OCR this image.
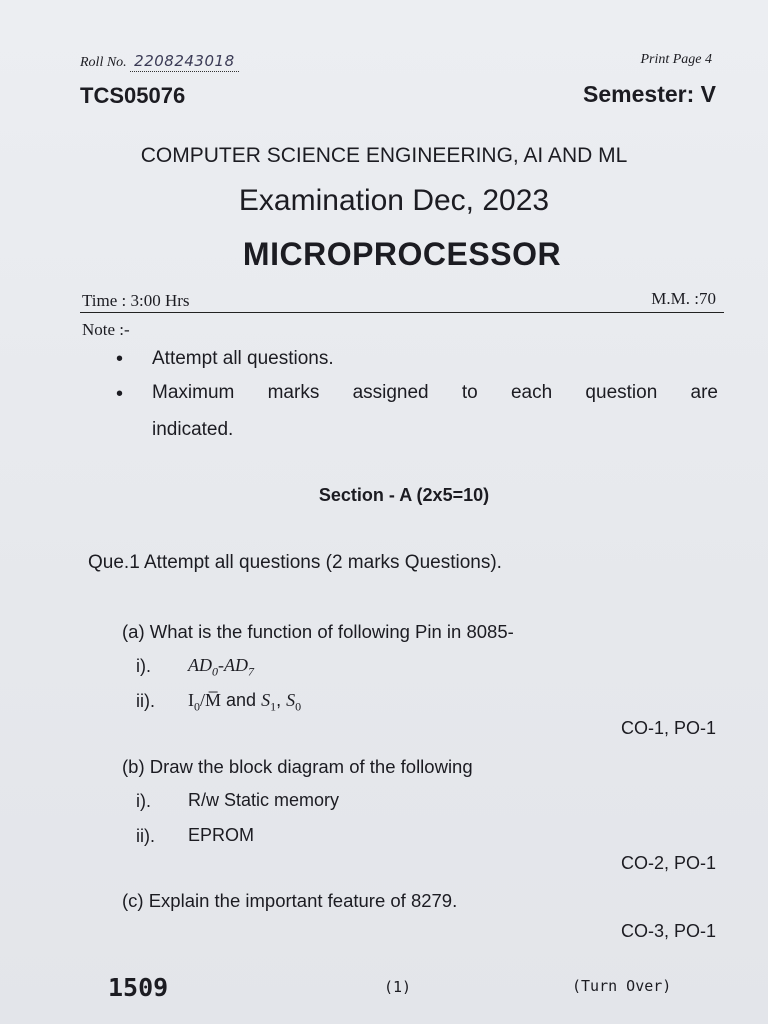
Roll No. 2208243018	Print Page 4
TCS05076	Semester: V
COMPUTER SCIENCE ENGINEERING, AI AND ML
Examination Dec, 2023
MICROPROCESSOR
Time : 3:00 Hrs	M.M. :70
Note :-
• Attempt all questions.
• Maximum marks assigned to each question are
indicated.
Section - A (2x5=10)
Que.1 Attempt all questions (2 marks Questions).
(a) What is the function of following Pin in 8085-
i). $AD_0-AD_7$
ii). $I_0/M̅$ and $S_1$, $S_0$
CO-1, PO-1
(b) Draw the block diagram of the following
i). R/w Static memory
ii). EPROM
CO-2, PO-1
(c) Explain the important feature of 8279.
CO-3, PO-1
1509	(1)	(Turn Over)
